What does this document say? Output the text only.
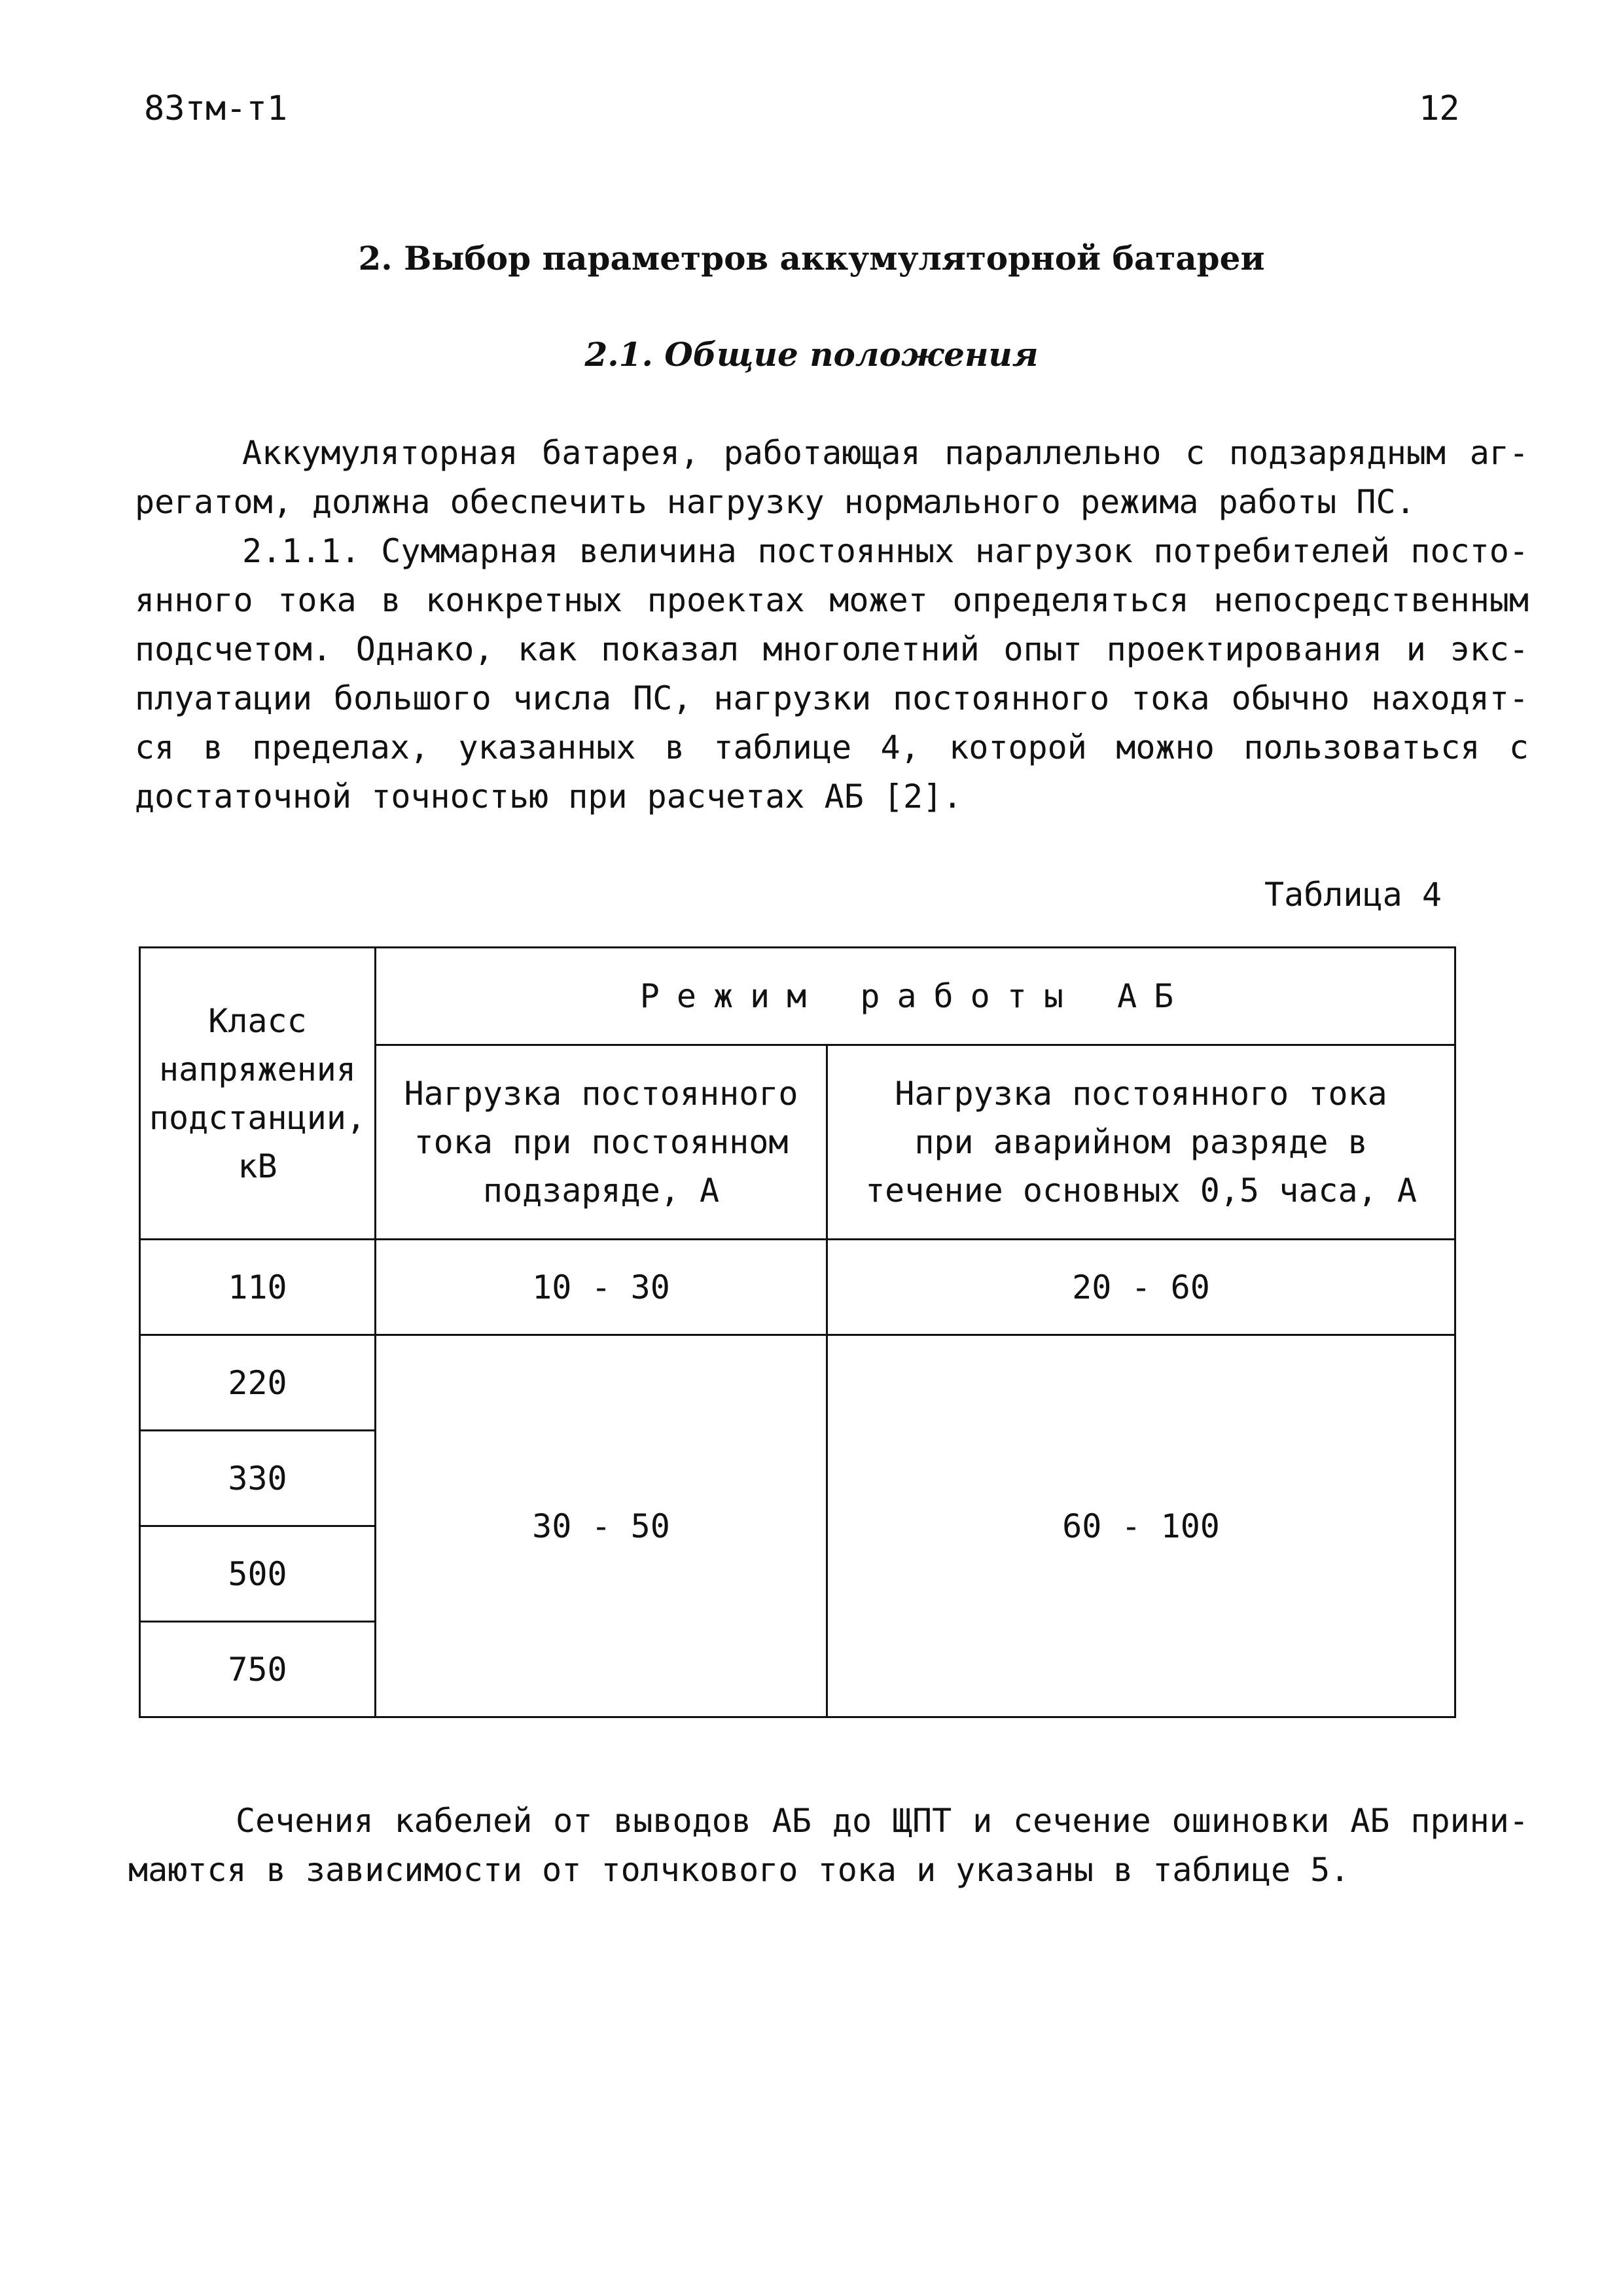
83тм-т1	12
2. Выбор параметров аккумуляторной батареи
2.1. Общие положения
Аккумуляторная батарея, работающая параллельно с подзарядным аг-
регатом, должна обеспечить нагрузку нормального режима работы ПС.
2.1.1. Суммарная величина постоянных нагрузок потребителей посто-
янного тока в конкретных проектах может определяться непосредственным
подсчетом. Однако, как показал многолетний опыт проектирования и экс-
плуатации большого числа ПС, нагрузки постоянного тока обычно находят-
ся в пределах, указанных в таблице 4, которой можно пользоваться с
достаточной точностью при расчетах АБ [2].
Таблица 4
Класс
напряжения
подстанции,
кВ	Режим работы АБ	

	Нагрузка постоянного
тока при постоянном
подзаряде, А	Нагрузка постоянного тока
при аварийном разряде в
течение основных 0,5 часа, А

110	10 - 30	20 - 60
220	30 - 50	60 - 100
330		
500		
750		
Сечения кабелей от выводов АБ до ЩПТ и сечение ошиновки АБ прини-
маются в зависимости от толчкового тока и указаны в таблице 5.
